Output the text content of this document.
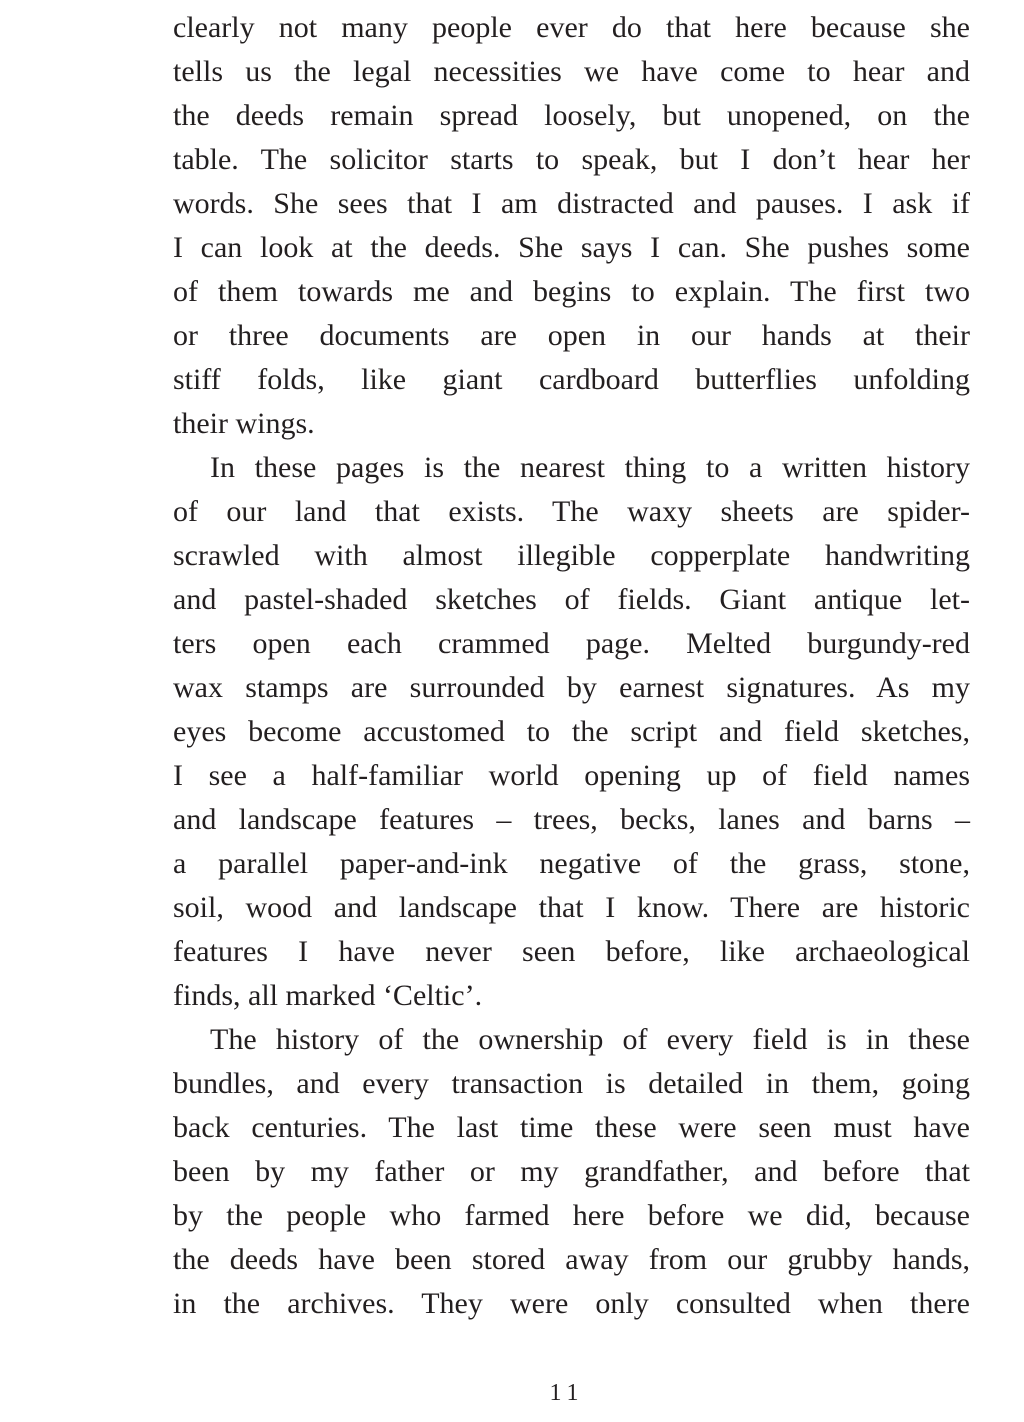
clearly not many people ever do that here because she
tells us the legal necessities we have come to hear and
the deeds remain spread loosely, but unopened, on the
table. The solicitor starts to speak, but I don’t hear her
words. She sees that I am distracted and pauses. I ask if
I can look at the deeds. She says I can. She pushes some
of them towards me and begins to explain. The first two
or three documents are open in our hands at their
stiff folds, like giant cardboard butterflies unfolding
their wings.
In these pages is the nearest thing to a written history
of our land that exists. The waxy sheets are spider-
scrawled with almost illegible copperplate handwriting
and pastel-shaded sketches of fields. Giant antique let-
ters open each crammed page. Melted burgundy-red
wax stamps are surrounded by earnest signatures. As my
eyes become accustomed to the script and field sketches,
I see a half-familiar world opening up of field names
and landscape features – trees, becks, lanes and barns –
a parallel paper-and-ink negative of the grass, stone,
soil, wood and landscape that I know. There are historic
features I have never seen before, like archaeological
finds, all marked ‘Celtic’.
The history of the ownership of every field is in these
bundles, and every transaction is detailed in them, going
back centuries. The last time these were seen must have
been by my father or my grandfather, and before that
by the people who farmed here before we did, because
the deeds have been stored away from our grubby hands,
in the archives. They were only consulted when there
11
